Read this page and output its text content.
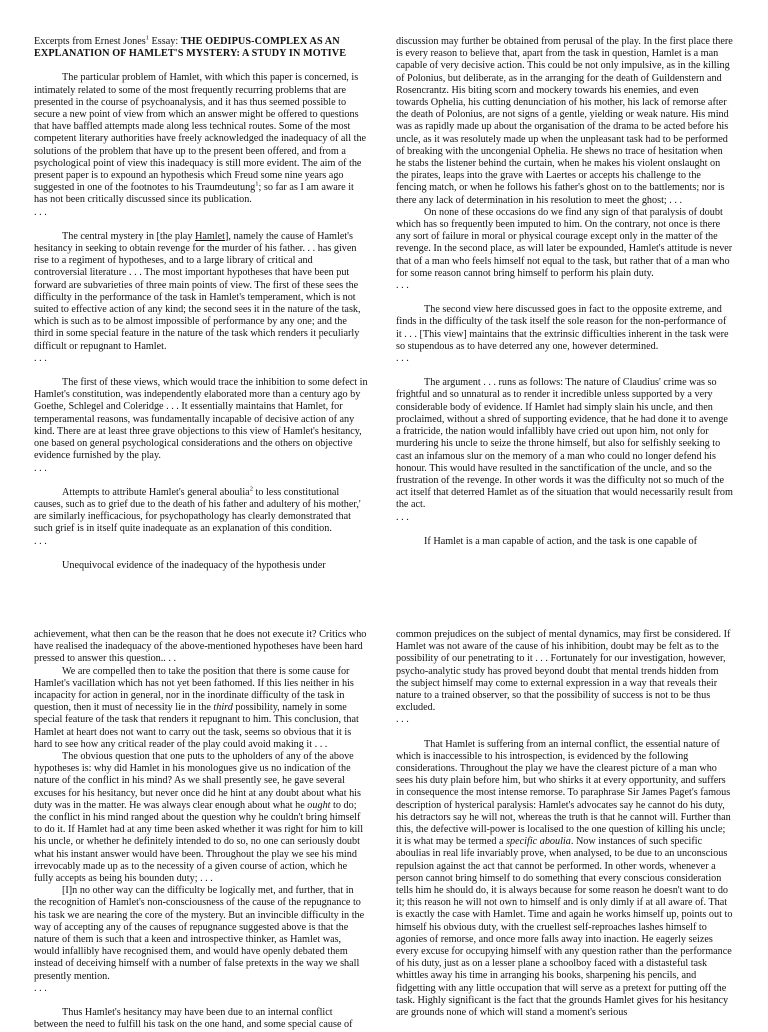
Excerpts from Ernest Jones$^1$ Essay: THE OEDIPUS-COMPLEX AS AN
EXPLANATION OF HAMLET'S MYSTERY: A STUDY IN MOTIVE

The particular problem of Hamlet, with which this paper is concerned, is intimately related to some of the most frequently recurring problems that are presented in the course of psychoanalysis, and it has thus seemed possible to secure a new point of view from which an answer might be offered to questions that have baffled attempts made along less technical routes. Some of the most competent literary authorities have freely acknowledged the inadequacy of all the solutions of the problem that have up to the present been offered, and from a psychological point of view this inadequacy is still more evident. The aim of the present paper is to expound an hypothesis which Freud some nine years ago suggested in one of the footnotes to his Traumdeutung$^1$; so far as I am aware it has not been critically discussed since its publication.

. . .

The central mystery in [the play Hamlet], namely the cause of Hamlet's hesitancy in seeking to obtain revenge for the murder of his father. . . has given rise to a regiment of hypotheses, and to a large library of critical and controversial literature . . . The most important hypotheses that have been put forward are subvarieties of three main points of view. The first of these sees the difficulty in the performance of the task in Hamlet's temperament, which is not suited to effective action of any kind; the second sees it in the nature of the task, which is such as to be almost impossible of performance by any one; and the third in some special feature in the nature of the task which renders it peculiarly difficult or repugnant to Hamlet.

. . .

The first of these views, which would trace the inhibition to some defect in Hamlet's constitution, was independently elaborated more than a century ago by Goethe, Schlegel and Coleridge . . . It essentially maintains that Hamlet, for temperamental reasons, was fundamentally incapable of decisive action of any kind. There are at least three grave objections to this view of Hamlet's hesitancy, one based on general psychological considerations and the others on objective evidence furnished by the play.

. . .

Attempts to attribute Hamlet's general aboulia$^2$ to less constitutional causes, such as to grief due to the death of his father and adultery of his mother,' are similarly inefficacious, for psychopathology has clearly demonstrated that such grief is in itself quite inadequate as an explanation of this condition.

. . .

Unequivocal evidence of the inadequacy of the hypothesis under

discussion may further be obtained from perusal of the play. In the first place there is every reason to believe that, apart from the task in question, Hamlet is a man capable of very decisive action. This could be not only impulsive, as in the killing of Polonius, but deliberate, as in the arranging for the death of Guildenstern and Rosencrantz. His biting scorn and mockery towards his enemies, and even towards Ophelia, his cutting denunciation of his mother, his lack of remorse after the death of Polonius, are not signs of a gentle, yielding or weak nature. His mind was as rapidly made up about the organisation of the drama to be acted before his uncle, as it was resolutely made up when the unpleasant task had to be performed of breaking with the uncongenial Ophelia. He shews no trace of hesitation when he stabs the listener behind the curtain, when he makes his violent onslaught on the pirates, leaps into the grave with Laertes or accepts his challenge to the fencing match, or when he follows his father's ghost on to the battlements; nor is there any lack of determination in his resolution to meet the ghost; . . .

On none of these occasions do we find any sign of that paralysis of doubt which has so frequently been imputed to him. On the contrary, not once is there any sort of failure in moral or physical courage except only in the matter of the revenge. In the second place, as will later be expounded, Hamlet's attitude is never that of a man who feels himself not equal to the task, but rather that of a man who for some reason cannot bring himself to perform his plain duty.

. . .

The second view here discussed goes in fact to the opposite extreme, and finds in the difficulty of the task itself the sole reason for the non-performance of it . . . [This view] maintains that the extrinsic difficulties inherent in the task were so stupendous as to have deterred any one, however determined.

. . .

The argument . . . runs as follows: The nature of Claudius' crime was so frightful and so unnatural as to render it incredible unless supported by a very considerable body of evidence. If Hamlet had simply slain his uncle, and then proclaimed, without a shred of supporting evidence, that he had done it to avenge a fratricide, the nation would infallibly have cried out upon him, not only for murdering his uncle to seize the throne himself, but also for selfishly seeking to cast an infamous slur on the memory of a man who could no longer defend his honour. This would have resulted in the sanctification of the uncle, and so the frustration of the revenge. In other words it was the difficulty not so much of the act itself that deterred Hamlet as of the situation that would necessarily result from the act.

. . .

If Hamlet is a man capable of action, and the task is one capable of

achievement, what then can be the reason that he does not execute it? Critics who have realised the inadequacy of the above-mentioned hypotheses have been hard pressed to answer this question.. . .

We are compelled then to take the position that there is some cause for Hamlet's vacillation which has not yet been fathomed. If this lies neither in his incapacity for action in general, nor in the inordinate difficulty of the task in question, then it must of necessity lie in the third possibility, namely in some special feature of the task that renders it repugnant to him. This conclusion, that Hamlet at heart does not want to carry out the task, seems so obvious that it is hard to see how any critical reader of the play could avoid making it . . .

The obvious question that one puts to the upholders of any of the above hypotheses is: why did Hamlet in his monologues give us no indication of the nature of the conflict in his mind? As we shall presently see, he gave several excuses for his hesitancy, but never once did he hint at any doubt about what his duty was in the matter. He was always clear enough about what he ought to do; the conflict in his mind ranged about the question why he couldn't bring himself to do it. If Hamlet had at any time been asked whether it was right for him to kill his uncle, or whether he definitely intended to do so, no one can seriously doubt what his instant answer would have been. Throughout the play we see his mind irrevocably made up as to the necessity of a given course of action, which he fully accepts as being his bounden duty; . . .

[I]n no other way can the difficulty be logically met, and further, that in the recognition of Hamlet's non-consciousness of the cause of the repugnance to his task we are nearing the core of the mystery. But an invincible difficulty in the way of accepting any of the causes of repugnance suggested above is that the nature of them is such that a keen and introspective thinker, as Hamlet was, would infallibly have recognised them, and would have openly debated them instead of deceiving himself with a number of false pretexts in the way we shall presently mention.

. . .

Thus Hamlet's hesitancy may have been due to an internal conflict between the need to fulfill his task on the one hand, and some special cause of

common prejudices on the subject of mental dynamics, may first be considered. If Hamlet was not aware of the cause of his inhibition, doubt may be felt as to the possibility of our penetrating to it . . . Fortunately for our investigation, however, psycho-analytic study has proved beyond doubt that mental trends hidden from the subject himself may come to external expression in a way that reveals their nature to a trained observer, so that the possibility of success is not to be thus excluded.

. . .

That Hamlet is suffering from an internal conflict, the essential nature of which is inaccessible to his introspection, is evidenced by the following considerations. Throughout the play we have the clearest picture of a man who sees his duty plain before him, but who shirks it at every opportunity, and suffers in consequence the most intense remorse. To paraphrase Sir James Paget's famous description of hysterical paralysis: Hamlet's advocates say he cannot do his duty, his detractors say he will not, whereas the truth is that he cannot will. Further than this, the defective will-power is localised to the one question of killing his uncle; it is what may be termed a specific aboulia. Now instances of such specific aboulias in real life invariably prove, when analysed, to be due to an unconscious repulsion against the act that cannot be performed. In other words, whenever a person cannot bring himself to do something that every conscious consideration tells him he should do, it is always because for some reason he doesn't want to do it; this reason he will not own to himself and is only dimly if at all aware of. That is exactly the case with Hamlet. Time and again he works himself up, points out to himself his obvious duty, with the cruellest self-reproaches lashes himself to agonies of remorse, and once more falls away into inaction. He eagerly seizes every excuse for occupying himself with any question rather than the performance of his duty, just as on a lesser plane a schoolboy faced with a distasteful task whittles away his time in arranging his books, sharpening his pencils, and fidgetting with any little occupation that will serve as a pretext for putting off the task. Highly significant is the fact that the grounds Hamlet gives for his hesitancy are grounds none of which will stand a moment's serious
